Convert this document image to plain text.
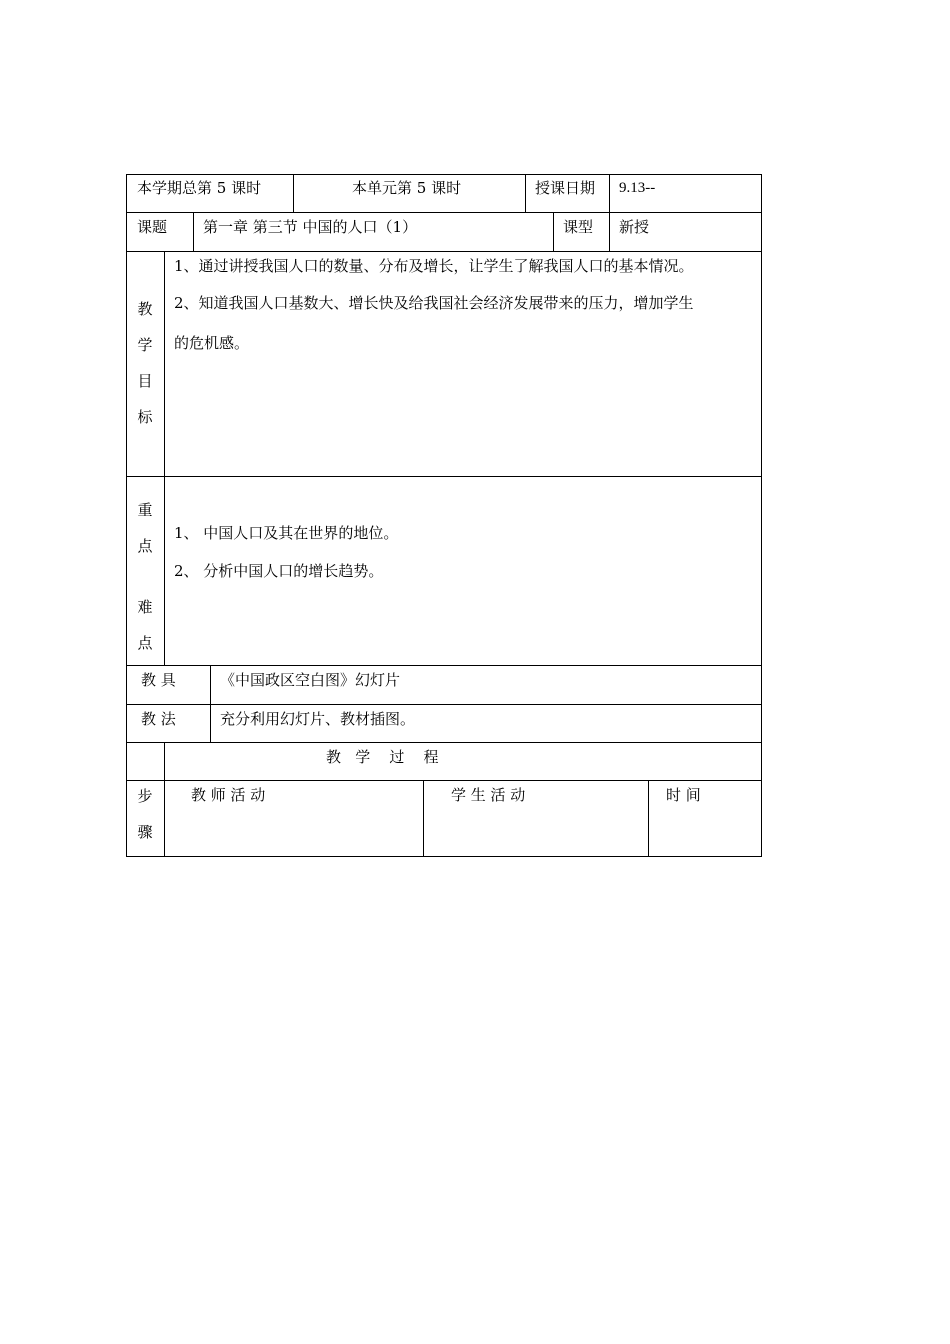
本学期总第 5 课时	本单元第 5 课时	授课日期 9.13--
课题 第一章 第三节 中国的人口（1）	课型 新授
教
学
目
标
1、通过讲授我国人口的数量、分布及增长，让学生了解我国人口的基本情况。
2、知道我国人口基数大、增长快及给我国社会经济发展带来的压力，增加学生
的危机感。
重
点
难
点
1、 中国人口及其在世界的地位。
2、 分析中国人口的增长趋势。
教 具	《中国政区空白图》幻灯片
教 法	充分利用幻灯片、教材插图。
教   学    过    程
步
骤
教 师 活 动	学 生 活 动	时 间
